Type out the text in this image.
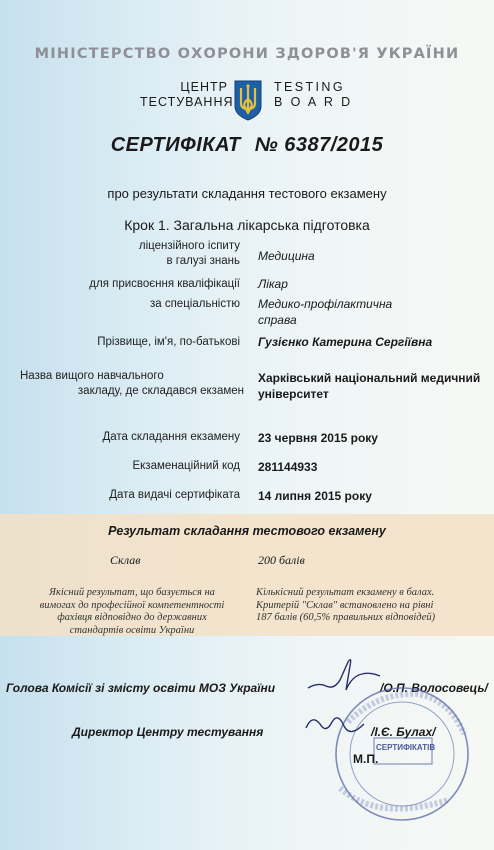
МІНІСТЕРСТВО ОХОРОНИ ЗДОРОВ'Я УКРАЇНИ
ЦЕНТР
ТЕСТУВАННЯ
TESTING
B O A R D
СЕРТИФІКАТ № 6387/2015
про результати складання тестового екзамену
Крок 1. Загальна лікарська підготовка
ліцензійного іспиту
в галузі знань Медицина
для присвоєння кваліфікації Лікар
за спеціальністю Медико-профілактична
справа
Прізвище, ім'я, по-батькові Гузієнко Катерина Сергіївна
Назва вищого навчального
закладу, де складався екзамен
Харківський національний медичний
університет
Дата складання екзамену 23 червня 2015 року
Екзаменаційний код 281144933
Дата видачі сертифіката 14 липня 2015 року
Результат складання тестового екзамену
Склав	200 балів
Якісний результат, що базується на
вимогах до професійної компетентності
фахівця відповідно до державних
стандартів освіти України
Кількісний результат екзамену в балах.
Критерій "Склав" встановлено на рівні
187 балів (60,5% правильних відповідей)
Голова Комісії зі змісту освіти МОЗ України	/О.П. Волосовець/
СЕРТИФІКАТІВ
Директор Центру тестування	/І.Є. Булах/
М.П.
